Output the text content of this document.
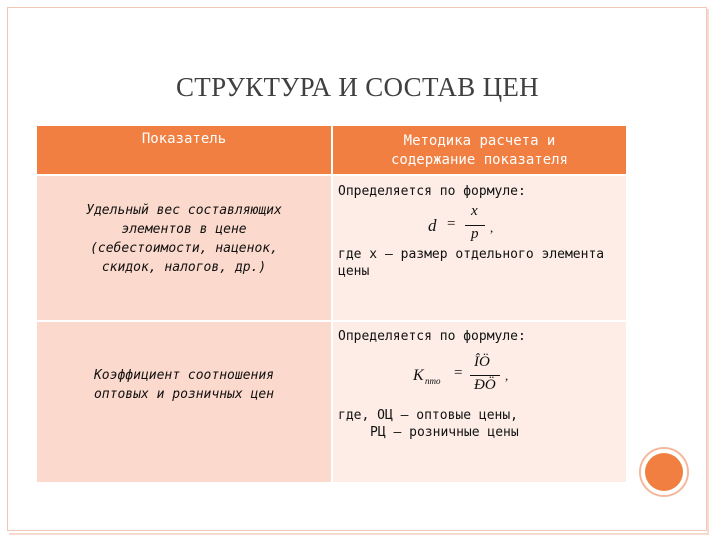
СТРУКТУРА И СОСТАВ ЦЕН
Показатель	Методика расчета и
содержание показателя
Удельный вес составляющих
элементов в цене
(себестоимости, наценок,
скидок, налогов, др.)
Определяется по формуле:
d =
x
p ,
где х – размер отдельного элемента
цены
Коэффициент соотношения
оптовых и розничных цен
Определяется по формуле:
K пто =
ÎÖ
ÐÖ
,
где, ОЦ – оптовые цены,
РЦ – розничные цены
